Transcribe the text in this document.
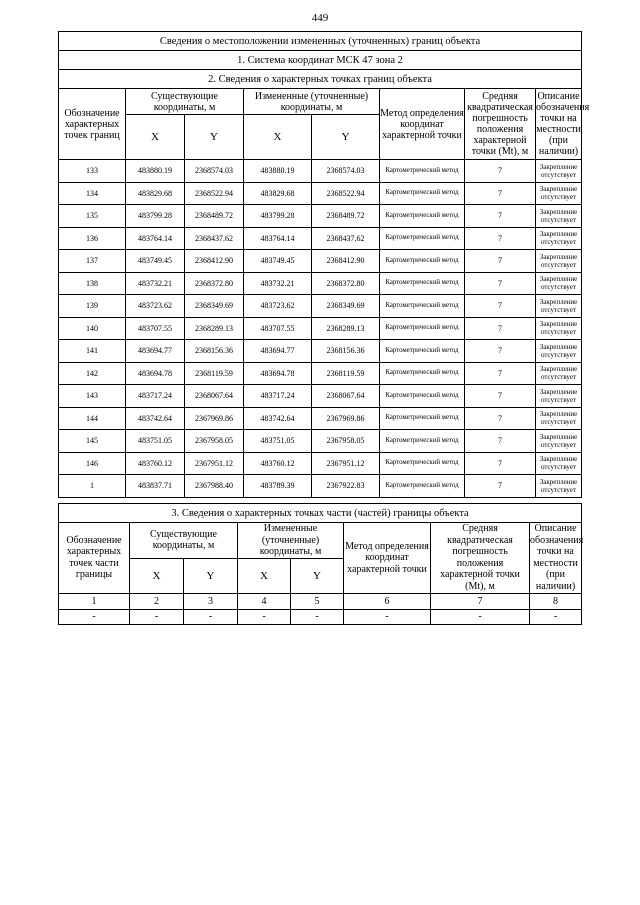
449
Сведения о местоположении измененных (уточненных) границ объекта							
1. Система координат МСК 47 зона 2							
2. Сведения о характерных точках границ объекта							
Обозначение характерных точек границ	Существующие координаты, м		Измененные (уточненные) координаты, м		Метод определения координат характерной точки	Средняя квадратическая погрешность положения характерной точки (Mt), м	Описание обозначения точки на местности (при наличии)
	X	Y	X	Y			
133	483880.19	2368574.03	483880.19	2368574.03	Картометрический метод	7	Закрепление отсутствует
134	483829.68	2368522.94	483829.68	2368522.94	Картометрический метод	7	Закрепление отсутствует
135	483799.28	2368489.72	483799.28	2368489.72	Картометрический метод	7	Закрепление отсутствует
136	483764.14	2368437.62	483764.14	2368437.62	Картометрический метод	7	Закрепление отсутствует
137	483749.45	2368412.90	483749.45	2368412.90	Картометрический метод	7	Закрепление отсутствует
138	483732.21	2368372.80	483732.21	2368372.80	Картометрический метод	7	Закрепление отсутствует
139	483723.62	2368349.69	483723.62	2368349.69	Картометрический метод	7	Закрепление отсутствует
140	483707.55	2368289.13	483707.55	2368289.13	Картометрический метод	7	Закрепление отсутствует
141	483694.77	2368156.36	483694.77	2368156.36	Картометрический метод	7	Закрепление отсутствует
142	483694.78	2368119.59	483694.78	2368119.59	Картометрический метод	7	Закрепление отсутствует
143	483717.24	2368067.64	483717.24	2368067.64	Картометрический метод	7	Закрепление отсутствует
144	483742.64	2367969.86	483742.64	2367969.86	Картометрический метод	7	Закрепление отсутствует
145	483751.05	2367958.05	483751.05	2367958.05	Картометрический метод	7	Закрепление отсутствует
146	483760.12	2367951.12	483760.12	2367951.12	Картометрический метод	7	Закрепление отсутствует
1	483837.71	2367988.40	483789.39	2367922.83	Картометрический метод	7	Закрепление отсутствует
3. Сведения о характерных точках части (частей) границы объекта							
Обозначение характерных точек части границы	Существующие координаты, м		Измененные (уточненные) координаты, м		Метод определения координат характерной точки	Средняя квадратическая погрешность положения характерной точки (Mt), м	Описание обозначения точки на местности (при наличии)
	X	Y	X	Y			
1	2	3	4	5	6	7	8
-	-	-	-	-	-	-	-
